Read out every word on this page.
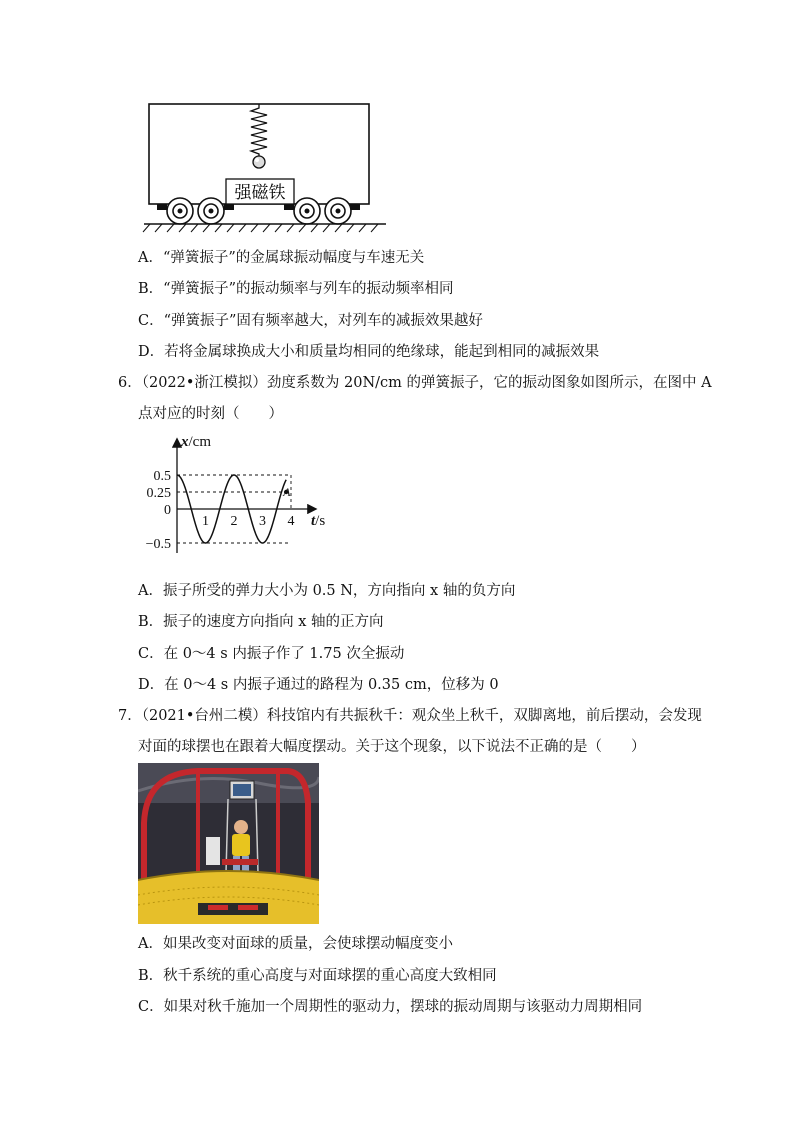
强磁铁
A．“弹簧振子”的金属球振动幅度与车速无关
B．“弹簧振子”的振动频率与列车的振动频率相同
C．“弹簧振子”固有频率越大，对列车的减振效果越好
D．若将金属球换成大小和质量均相同的绝缘球，能起到相同的减振效果
6．（2022•浙江模拟）劲度系数为 20N/cm 的弹簧振子，它的振动图象如图所示，在图中 A
点对应的时刻（　　）
x/cm
t/s
0.5
0.25
0
−0.5
1 2 3 4
A
A．振子所受的弹力大小为 0.5 N，方向指向 x 轴的负方向
B．振子的速度方向指向 x 轴的正方向
C．在 0～4 s 内振子作了 1.75 次全振动
D．在 0～4 s 内振子通过的路程为 0.35 cm，位移为 0
7．（2021•台州二模）科技馆内有共振秋千：观众坐上秋千，双脚离地，前后摆动，会发现
对面的球摆也在跟着大幅度摆动。关于这个现象，以下说法不正确的是（　　）
A．如果改变对面球的质量，会使球摆动幅度变小
B．秋千系统的重心高度与对面球摆的重心高度大致相同
C．如果对秋千施加一个周期性的驱动力，摆球的振动周期与该驱动力周期相同
